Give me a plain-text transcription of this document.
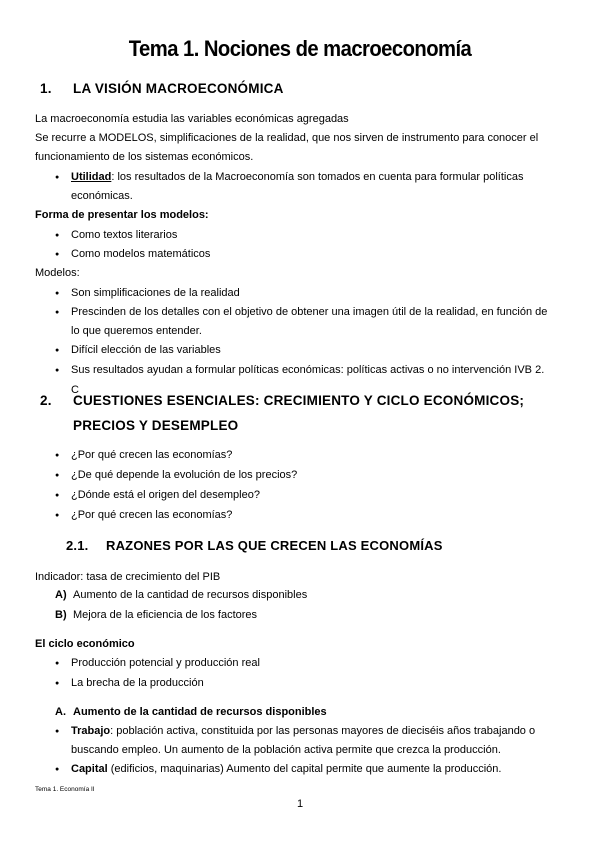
Tema 1. Nociones de macroeconomía
1. LA VISIÓN MACROECONÓMICA
La macroeconomía estudia las variables económicas agregadas
Se recurre a MODELOS, simplificaciones de la realidad, que nos sirven de instrumento para conocer el
funcionamiento de los sistemas económicos.
● Utilidad: los resultados de la Macroeconomía son tomados en cuenta para formular políticas
económicas.
Forma de presentar los modelos:
● Como textos literarios
● Como modelos matemáticos
Modelos:
● Son simplificaciones de la realidad
● Prescinden de los detalles con el objetivo de obtener una imagen útil de la realidad, en función de
lo que queremos entender.
● Difícil elección de las variables
● Sus resultados ayudan a formular políticas económicas: políticas activas o no intervención IVB 2. C
2. CUESTIONES ESENCIALES: CRECIMIENTO Y CICLO ECONÓMICOS;
PRECIOS Y DESEMPLEO
● ¿Por qué crecen las economías?
● ¿De qué depende la evolución de los precios?
● ¿Dónde está el origen del desempleo?
● ¿Por qué crecen las economías?
2.1. RAZONES POR LAS QUE CRECEN LAS ECONOMÍAS
Indicador: tasa de crecimiento del PIB
A) Aumento de la cantidad de recursos disponibles
B) Mejora de la eficiencia de los factores
El ciclo económico
● Producción potencial y producción real
● La brecha de la producción
A. Aumento de la cantidad de recursos disponibles
● Trabajo: población activa, constituida por las personas mayores de dieciséis años trabajando o
buscando empleo. Un aumento de la población activa permite que crezca la producción.
● Capital (edificios, maquinarias) Aumento del capital permite que aumente la producción.
Tema 1. Economía II
1
